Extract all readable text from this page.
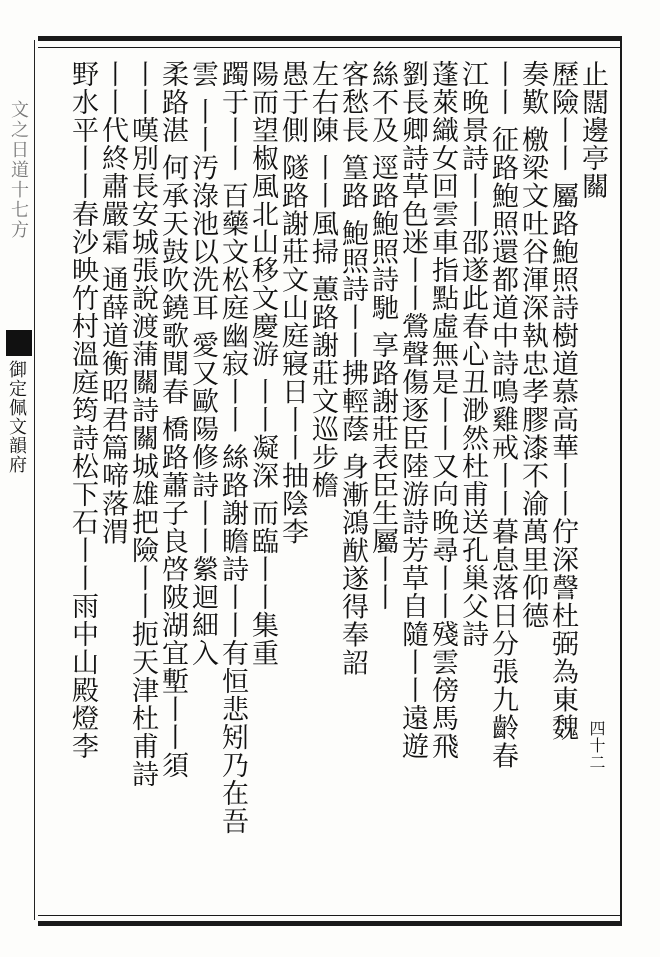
文之日道十七方
御定佩文韻府
四十二
止闊邊亭關
歷險丨丨 屬路鮑照詩樹道慕高華丨丨佇深謦杜弼為東魏
奏歎 檄梁文吐谷渾深執忠孝膠漆不渝萬里仰德
丨丨 征路鮑照還都道中詩鳴雞戒丨丨暮息落日分張九齡春
江晚景詩丨丨邵遂此春心丑渺然杜甫送孔巢父詩
蓬萊織女回雲車指點虛無是丨丨又向晚尋丨丨殘雲傍馬飛
劉長卿詩草色迷丨丨鶯聲傷逐臣陸游詩芳草自隨丨丨遠遊
絲不及 逕路鮑照詩馳 享路謝莊表臣生屬丨丨
客愁長 篁路 鮑照詩丨丨拂輕蔭 身漸鴻猷遂得奉詔
左右陳 丨丨風掃 蕙路謝莊文巡步檐
愚于側 隧路謝莊文山庭寢日丨丨抽陰李
陽而望椒風北山移文慶游 丨丨凝深 而臨丨丨集重
躅于丨丨 百藥文松庭幽寂丨丨 絲路謝瞻詩丨丨有恒悲矧乃在吾
雲 丨丨汚淥池以洗耳 愛又歐陽修詩丨丨縈迴細入
柔路湛 何承天鼓吹鐃歌聞春 橋路蕭子良啓陂湖宜塹丨丨須
丨丨嘆別長安城張說渡蒲關詩關城雄把險丨丨扼天津杜甫詩
丨丨代終肅嚴霜 通薛道衡昭君篇啼落渭
野水平丨丨春沙映竹村溫庭筠詩松下石丨丨雨中山殿燈李
